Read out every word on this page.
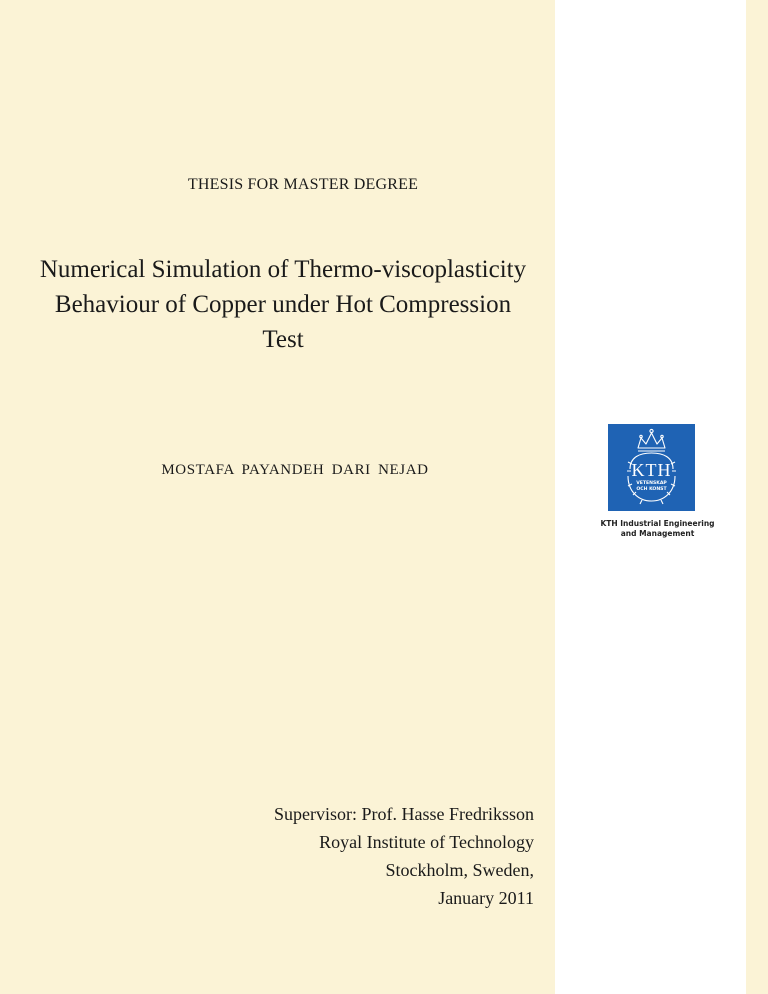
THESIS FOR MASTER DEGREE
Numerical Simulation of Thermo-viscoplasticity
Behaviour of Copper under Hot Compression
Test
MOSTAFA PAYANDEH DARI NEJAD	KTH
VETENSKAP
OCH KONST
KTH Industrial Engineering
and Management
Supervisor: Prof. Hasse Fredriksson
Royal Institute of Technology
Stockholm, Sweden,
January 2011
